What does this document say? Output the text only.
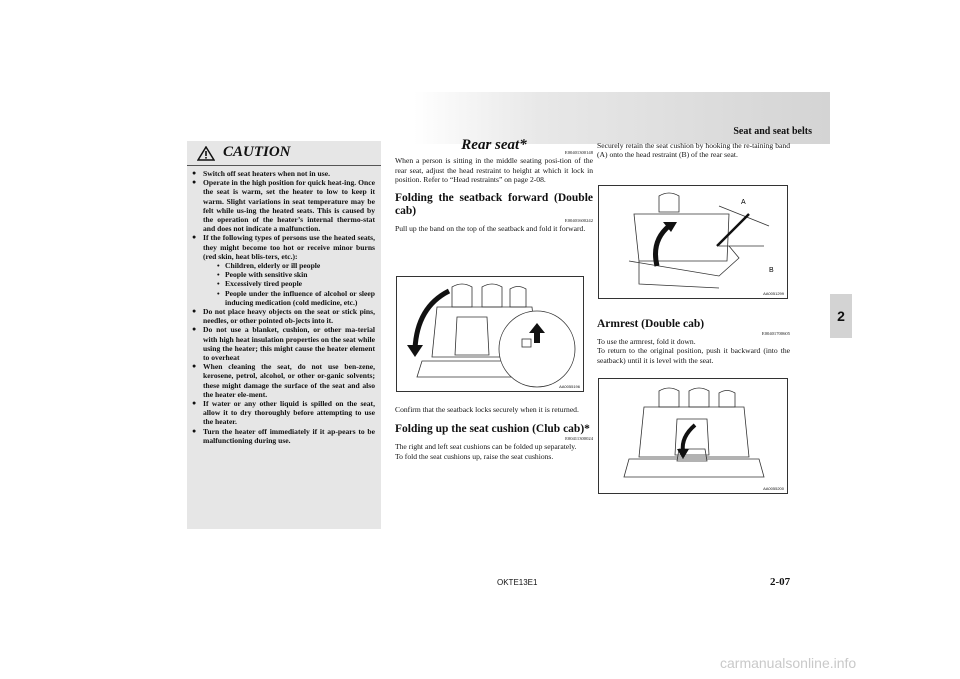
Seat and seat belts
2
CAUTION
● Switch off seat heaters when not in use.
● Operate in the high position for quick heat-ing. Once the seat is warm, set the heater to low to keep it warm. Slight variations in seat temperature may be felt while us-ing the heated seats. This is caused by the operation of the heater’s internal thermo-stat and does not indicate a malfunction.
● If the following types of persons use the heated seats, they might become too hot or receive minor burns (red skin, heat blis-ters, etc.):
• Children, elderly or ill people
• People with sensitive skin
• Excessively tired people
• People under the influence of alcohol or sleep inducing medication (cold medicine, etc.)
● Do not place heavy objects on the seat or stick pins, needles, or other pointed ob-jects into it.
● Do not use a blanket, cushion, or other ma-terial with high heat insulation properties on the seat while using the heater; this might cause the heater element to overheat
● When cleaning the seat, do not use ben-zene, kerosene, petrol, alcohol, or other or-ganic solvents; these might damage the surface of the seat and also the heater ele-ment.
● If water or any other liquid is spilled on the seat, allow it to dry thoroughly before attempting to use the heater.
● Turn the heater off immediately if it ap-pears to be malfunctioning during use.
Rear seat*	E00401300148

When a person is sitting in the middle seating posi-tion of the rear seat, adjust the head restraint to height at which it lock in position. Refer to “Head restraints” on page 2-08.

Folding the seatback forward (Double cab)
E00401600242

Pull up the band on the top of the seatback and fold it forward.

AA0055196

Confirm that the seatback locks securely when it is returned.

Folding up the seat cushion (Club cab)*
E00411300024

The right and left seat cushions can be folded up separately.

To fold the seat cushions up, raise the seat cushions.

Securely retain the seat cushion by hooking the re-taining band (A) onto the head restraint (B) of the rear seat.

A
B
AA0051299
Armrest (Double cab)
E00401700605

To use the armrest, fold it down.

To return to the original position, push it backward (into the seatback) until it is level with the seat.

AA0055200
OKTE13E1	2-07
carmanualsonline.info
